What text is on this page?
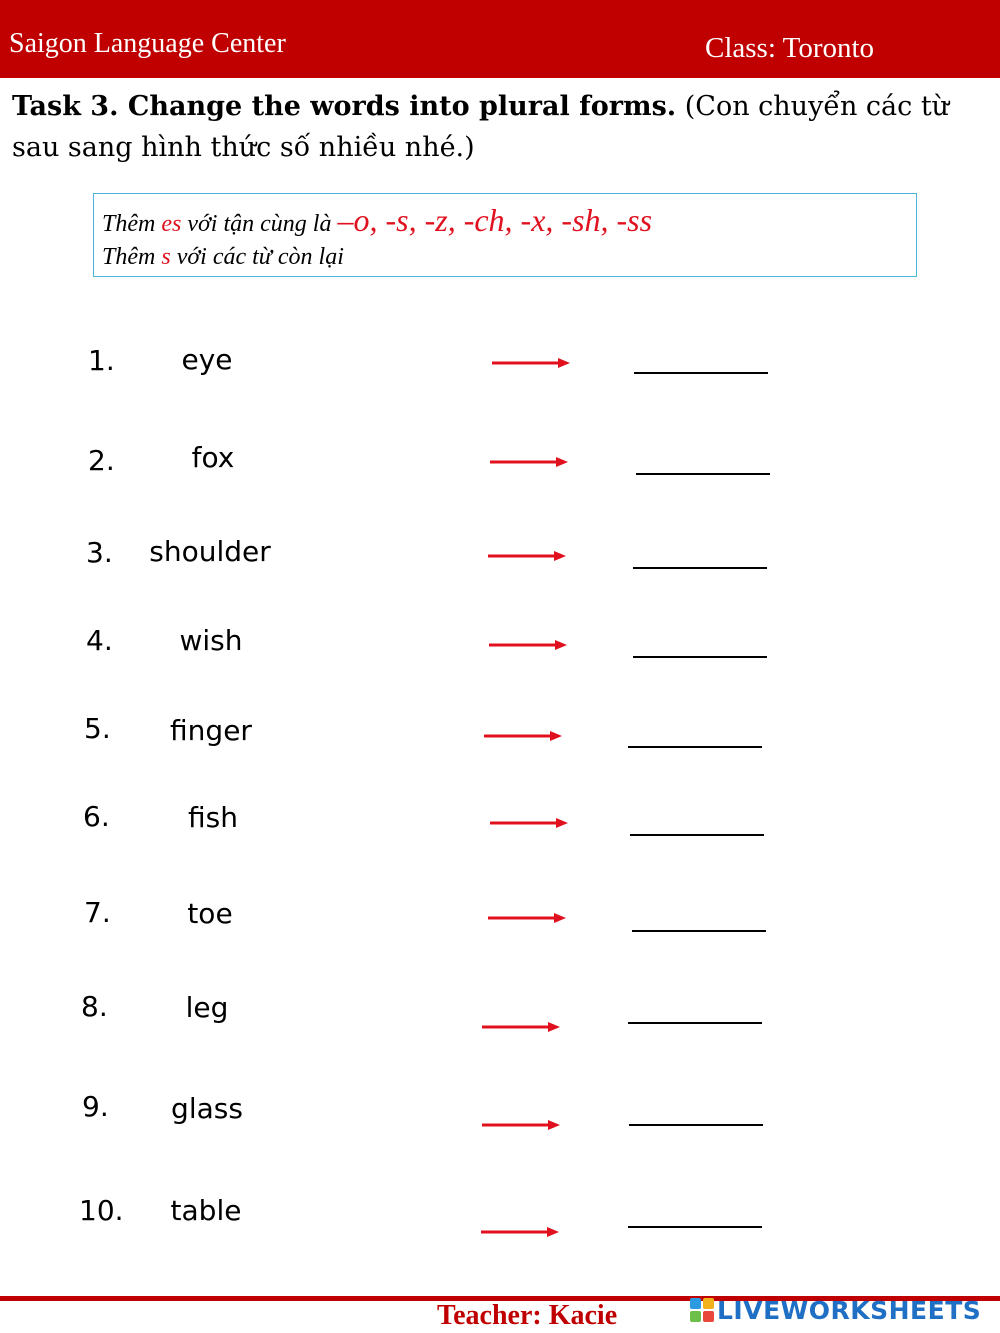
Saigon Language Center	Class: Toronto
Task 3. Change the words into plural forms. (Con chuyển các từ sau sang hình thức số nhiều nhé.)
Thêm es với tận cùng là –o, -s, -z, -ch, -x, -sh, -ss
Thêm s với các từ còn lại
1. eye
2.	fox
3. shoulder
4. wish
5. finger
6.	fish
7.	toe
8.	leg
9. glass
10. table
Teacher: Kacie	LIVEWORKSHEETS
